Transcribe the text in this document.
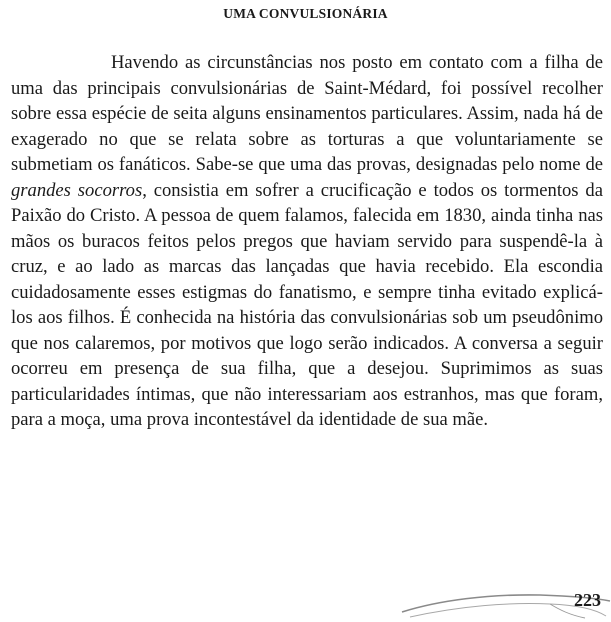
UMA CONVULSIONÁRIA

Havendo as circunstâncias nos posto em contato com a filha de uma das principais convulsionárias de Saint-Médard, foi possível recolher sobre essa espécie de seita alguns ensinamentos particulares. Assim, nada há de exagerado no que se relata sobre as torturas a que voluntariamente se submetiam os fanáticos. Sabe-se que uma das provas, designadas pelo nome de grandes socorros, consistia em sofrer a crucificação e todos os tormentos da Paixão do Cristo. A pessoa de quem falamos, falecida em 1830, ainda tinha nas mãos os buracos feitos pelos pregos que haviam servido para suspendê-la à cruz, e ao lado as marcas das lançadas que havia recebido. Ela escondia cuidadosamente esses estigmas do fanatismo, e sempre tinha evitado explicá-los aos filhos. É conhecida na história das convulsionárias sob um pseudônimo que nos calaremos, por motivos que logo serão indicados. A conversa a seguir ocorreu em presença de sua filha, que a desejou. Suprimimos as suas particularidades íntimas, que não interessariam aos estranhos, mas que foram, para a moça, uma prova incontestável da identidade de sua mãe.

223
